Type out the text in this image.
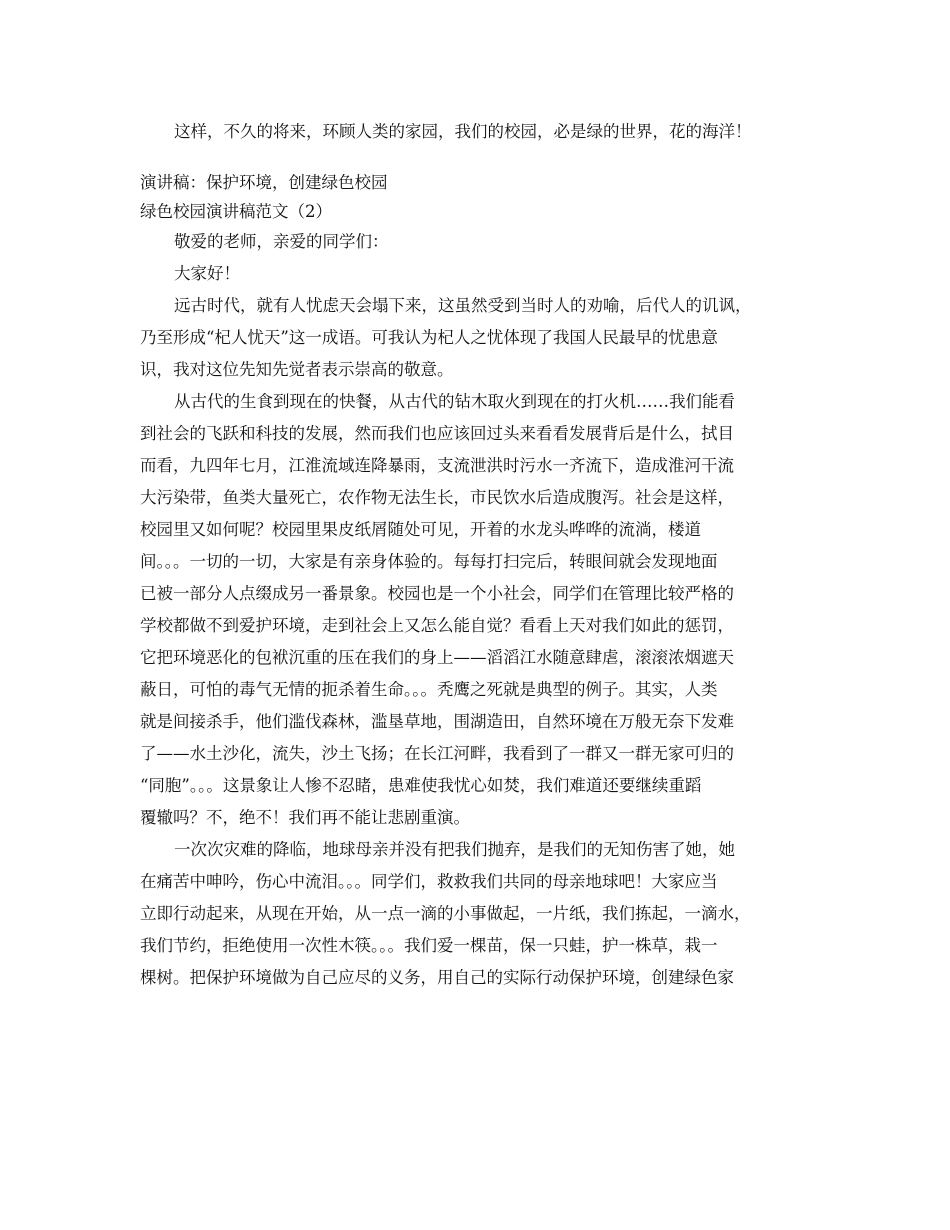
这样，不久的将来，环顾人类的家园，我们的校园，必是绿的世界，花的海洋！

演讲稿：保护环境，创建绿色校园

绿色校园演讲稿范文（2）

敬爱的老师，亲爱的同学们：

大家好！

远古时代，就有人忧虑天会塌下来，这虽然受到当时人的劝喻，后代人的讥讽，

乃至形成“杞人忧天”这一成语。可我认为杞人之忧体现了我国人民最早的忧患意

识，我对这位先知先觉者表示崇高的敬意。

从古代的生食到现在的快餐，从古代的钻木取火到现在的打火机……我们能看

到社会的飞跃和科技的发展，然而我们也应该回过头来看看发展背后是什么，拭目

而看，九四年七月，江淮流域连降暴雨，支流泄洪时污水一齐流下，造成淮河干流

大污染带，鱼类大量死亡，农作物无法生长，市民饮水后造成腹泻。社会是这样，

校园里又如何呢？校园里果皮纸屑随处可见，开着的水龙头哗哗的流淌，楼道

间。。。一切的一切，大家是有亲身体验的。每每打扫完后，转眼间就会发现地面

已被一部分人点缀成另一番景象。校园也是一个小社会，同学们在管理比较严格的

学校都做不到爱护环境，走到社会上又怎么能自觉？看看上天对我们如此的惩罚，

它把环境恶化的包袱沉重的压在我们的身上——滔滔江水随意肆虐，滚滚浓烟遮天

蔽日，可怕的毒气无情的扼杀着生命。。。秃鹰之死就是典型的例子。其实，人类

就是间接杀手，他们滥伐森林，滥垦草地，围湖造田，自然环境在万般无奈下发难

了——水土沙化，流失，沙土飞扬；在长江河畔，我看到了一群又一群无家可归的

“同胞”。。。这景象让人惨不忍睹，患难使我忧心如焚，我们难道还要继续重蹈

覆辙吗？不，绝不！我们再不能让悲剧重演。

一次次灾难的降临，地球母亲并没有把我们抛弃，是我们的无知伤害了她，她

在痛苦中呻吟，伤心中流泪。。。同学们，救救我们共同的母亲地球吧！大家应当

立即行动起来，从现在开始，从一点一滴的小事做起，一片纸，我们拣起，一滴水，

我们节约，拒绝使用一次性木筷。。。我们爱一棵苗，保一只蛙，护一株草，栽一

棵树。把保护环境做为自己应尽的义务，用自己的实际行动保护环境，创建绿色家
